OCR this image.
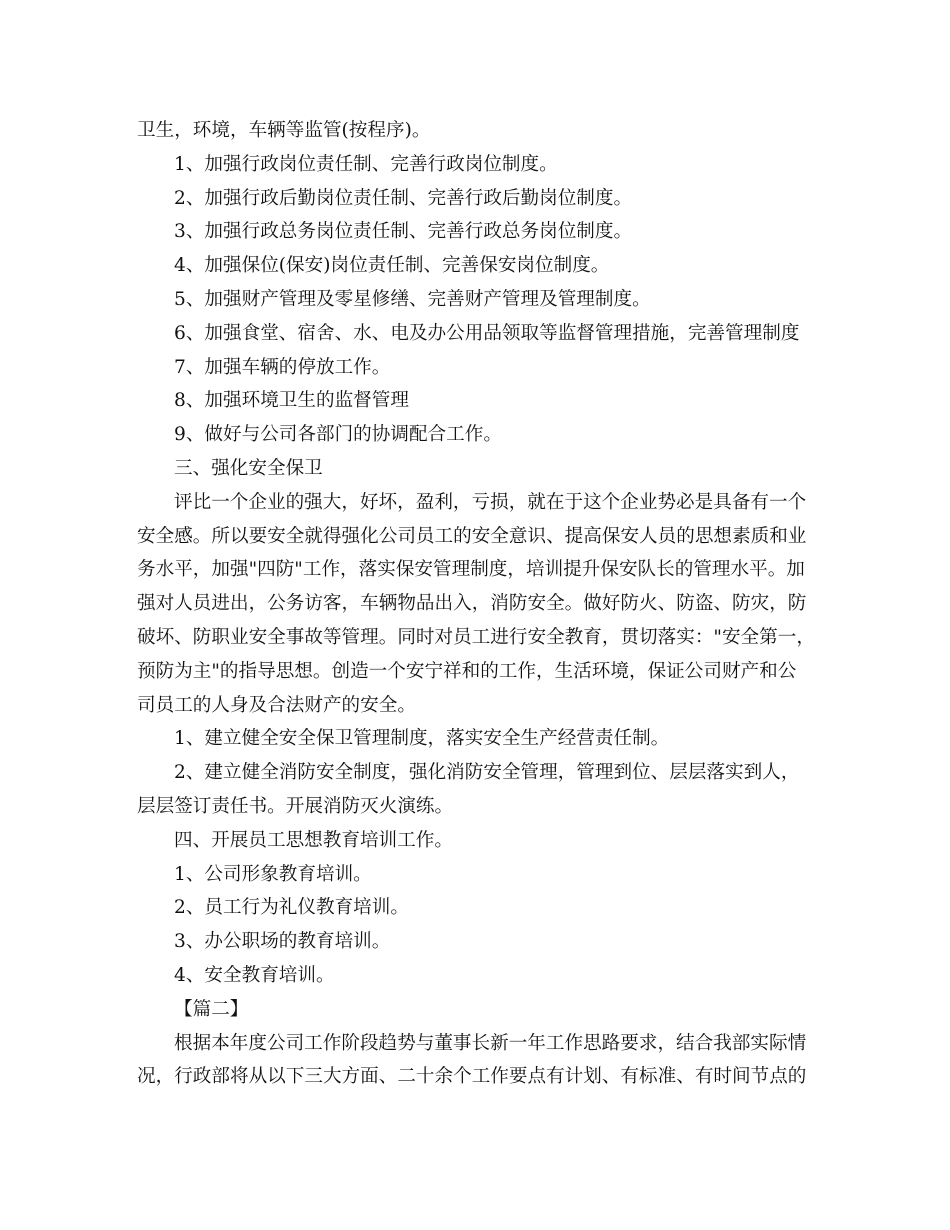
卫生，环境，车辆等监管(按程序)。
1、加强行政岗位责任制、完善行政岗位制度。
2、加强行政后勤岗位责任制、完善行政后勤岗位制度。
3、加强行政总务岗位责任制、完善行政总务岗位制度。
4、加强保位(保安)岗位责任制、完善保安岗位制度。
5、加强财产管理及零星修缮、完善财产管理及管理制度。
6、加强食堂、宿舍、水、电及办公用品领取等监督管理措施，完善管理制度
7、加强车辆的停放工作。
8、加强环境卫生的监督管理
9、做好与公司各部门的协调配合工作。
三、强化安全保卫
评比一个企业的强大，好坏，盈利，亏损，就在于这个企业势必是具备有一个
安全感。所以要安全就得强化公司员工的安全意识、提高保安人员的思想素质和业
务水平，加强"四防"工作，落实保安管理制度，培训提升保安队长的管理水平。加
强对人员进出，公务访客，车辆物品出入，消防安全。做好防火、防盗、防灾，防
破坏、防职业安全事故等管理。同时对员工进行安全教育，贯切落实："安全第一，
预防为主"的指导思想。创造一个安宁祥和的工作，生活环境，保证公司财产和公
司员工的人身及合法财产的安全。
1、建立健全安全保卫管理制度，落实安全生产经营责任制。
2、建立健全消防安全制度，强化消防安全管理，管理到位、层层落实到人，
层层签订责任书。开展消防灭火演练。
四、开展员工思想教育培训工作。
1、公司形象教育培训。
2、员工行为礼仪教育培训。
3、办公职场的教育培训。
4、安全教育培训。
【篇二】
根据本年度公司工作阶段趋势与董事长新一年工作思路要求，结合我部实际情
况，行政部将从以下三大方面、二十余个工作要点有计划、有标准、有时间节点的
